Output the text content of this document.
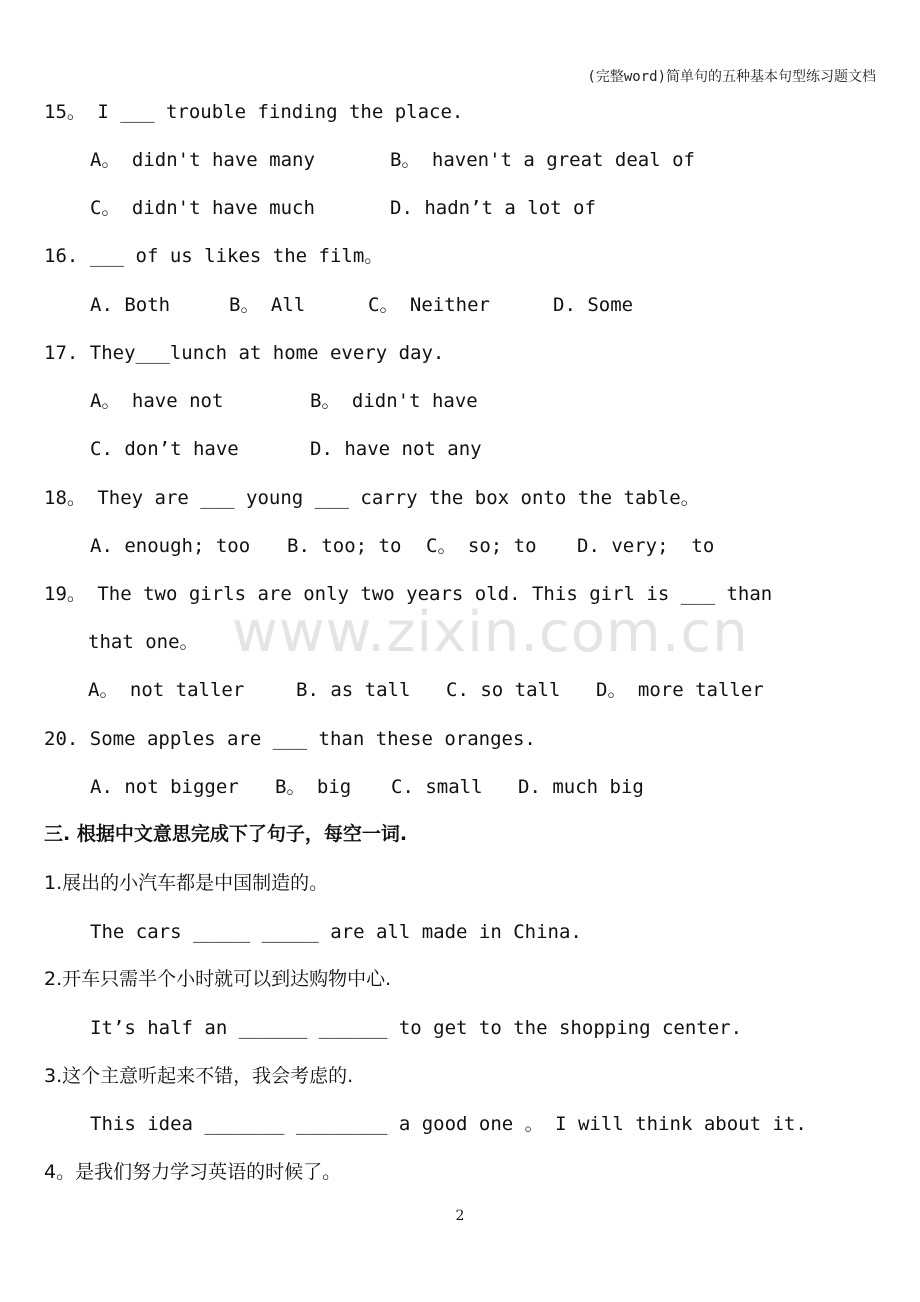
(完整word)简单句的五种基本句型练习题文档
www.zixin.com.cn
15。 I ___ trouble finding the place.
A。 didn't have many	B。 haven't a great deal of
C。 didn't have much	D. hadn’t a lot of
16. ___ of us likes the film。
A. Both	B。 All	C。 Neither	D. Some
17. They___lunch at home every day.
A。 have not	B。 didn't have
C. don’t have	D. have not any
18。 They are ___ young ___ carry the box onto the table。
A. enough; too B. too; to C。 so; to D. very;  to
19。 The two girls are only two years old. This girl is ___ than
that one。
A。 not taller	B. as tall C. so tall D。 more taller
20. Some apples are ___ than these oranges.
A. not bigger B。 big C. small D. much big
三. 根据中文意思完成下了句子，每空一词.
1.展出的小汽车都是中国制造的。
The cars _____ _____ are all made in China.
2.开车只需半个小时就可以到达购物中心.
It’s half an ______ ______ to get to the shopping center.
3.这个主意听起来不错，我会考虑的.
This idea _______ ________ a good one 。 I will think about it.
4。是我们努力学习英语的时候了。
2
